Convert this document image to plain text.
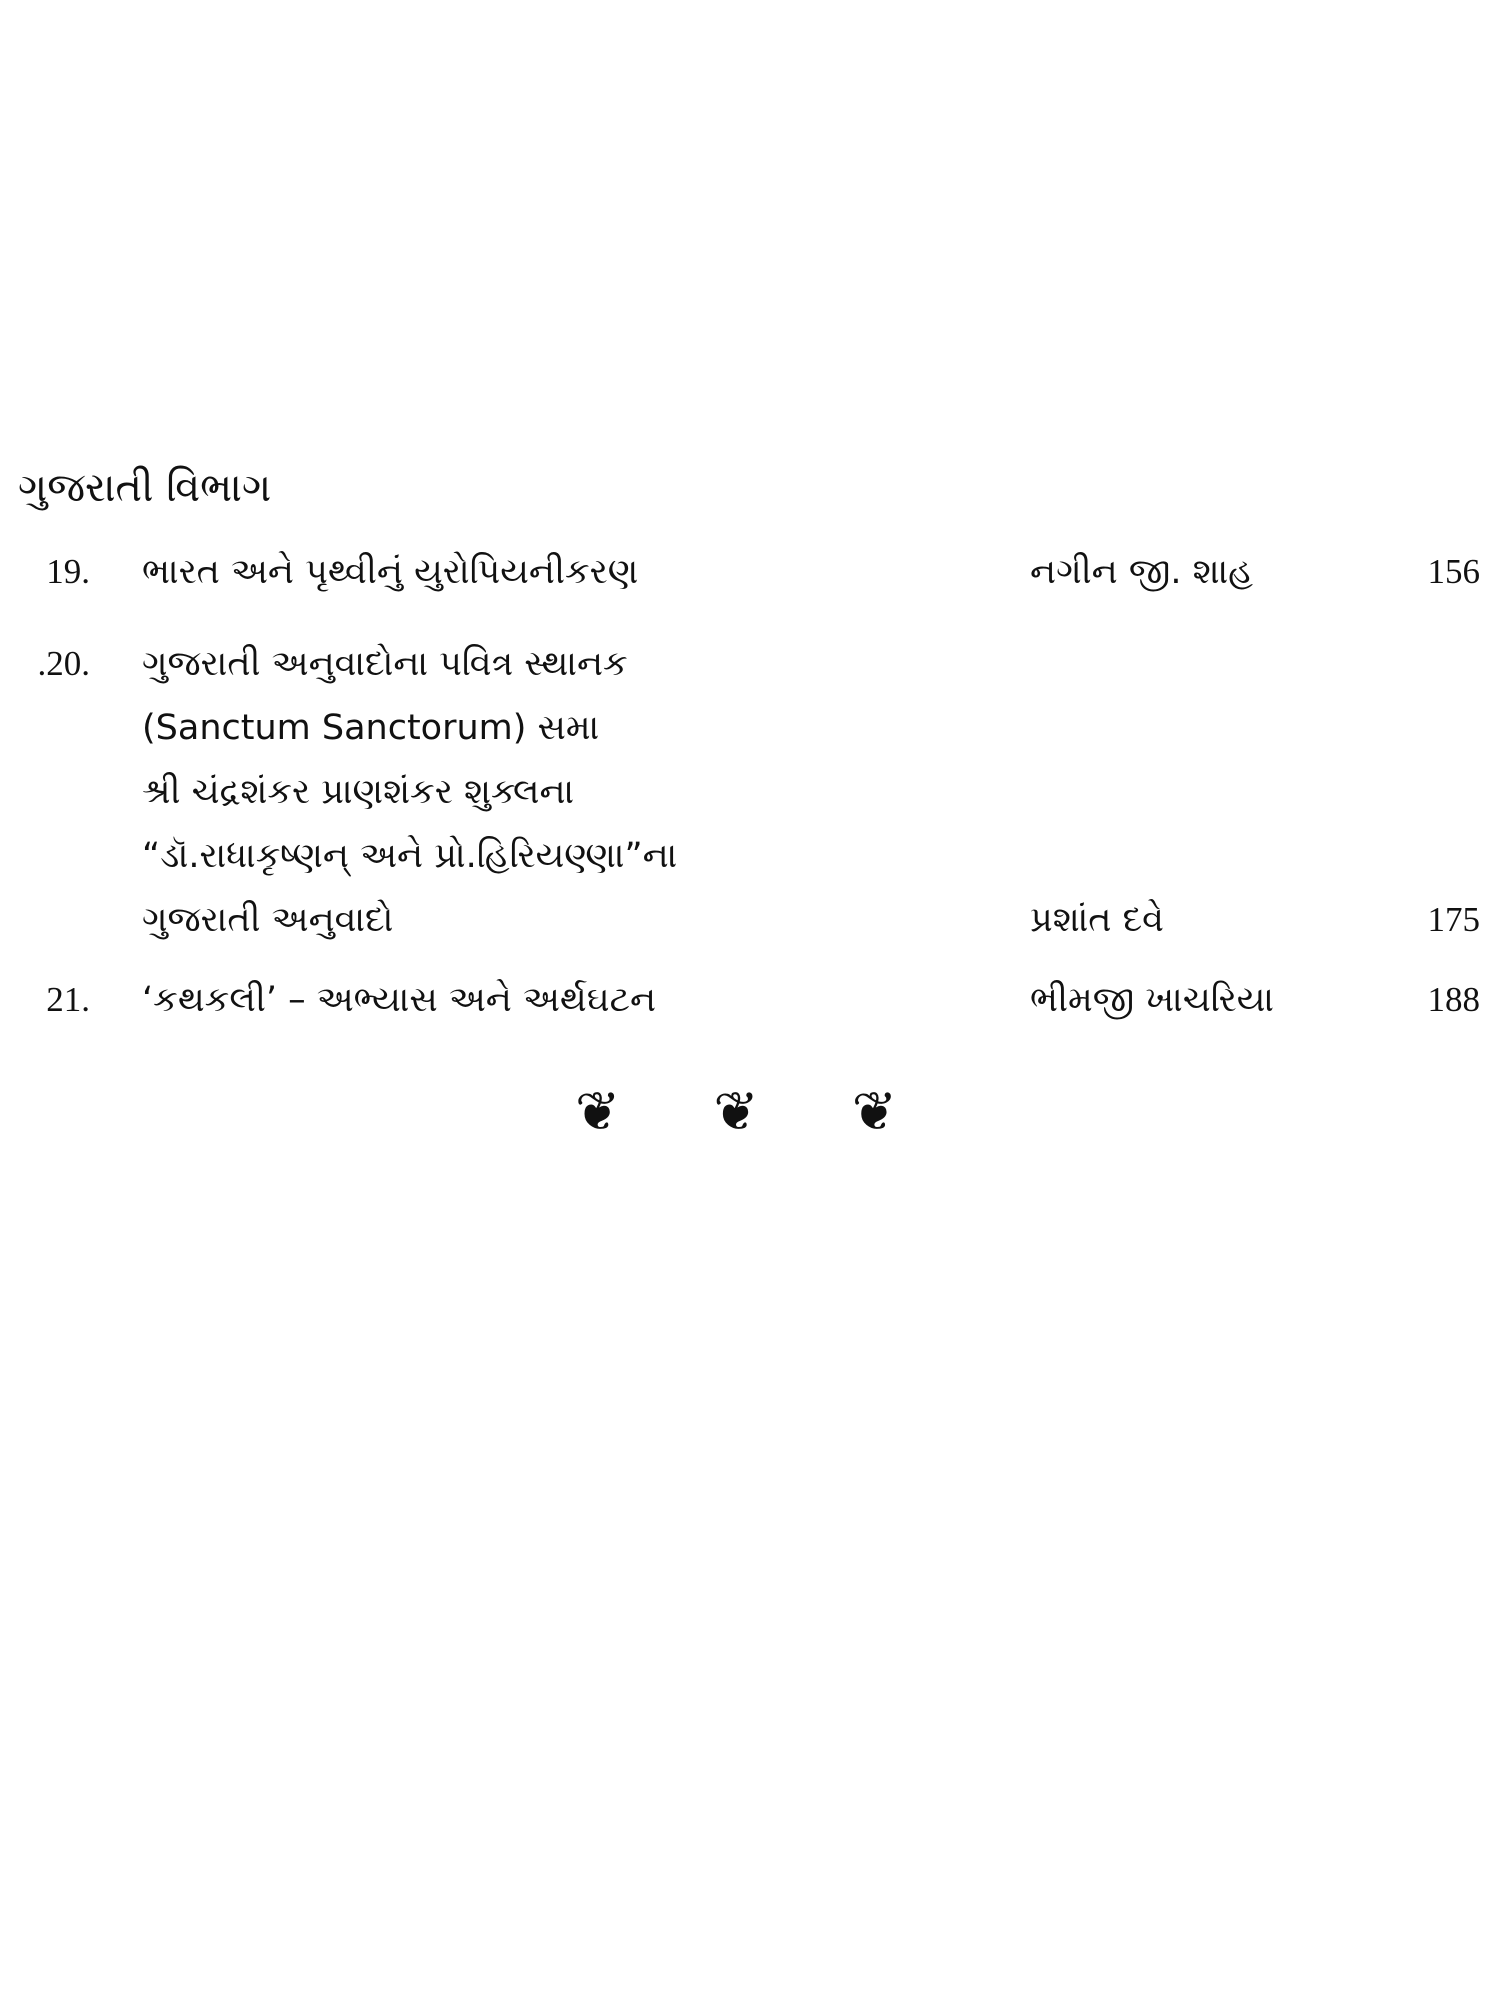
ગુજરાતી વિભાગ
19. ભારત અને પૃથ્વીનું યુરોપિયનીકરણ	નગીન જી. શાહ	156
.20. ગુજરાતી અનુવાદોના પવિત્ર સ્થાનક
(Sanctum Sanctorum) સમા
શ્રી ચંદ્રશંકર પ્રાણશંકર શુક્લના
“ડૉ.રાધાકૃષ્ણન્ અને પ્રો.હિરિયણ્ણા”ના
ગુજરાતી અનુવાદો	પ્રશાંત દવે	175
21. ‘કથકલી’ – અભ્યાસ અને અર્થઘટન	ભીમજી ખાચરિયા	188
❦ ❦ ❦
